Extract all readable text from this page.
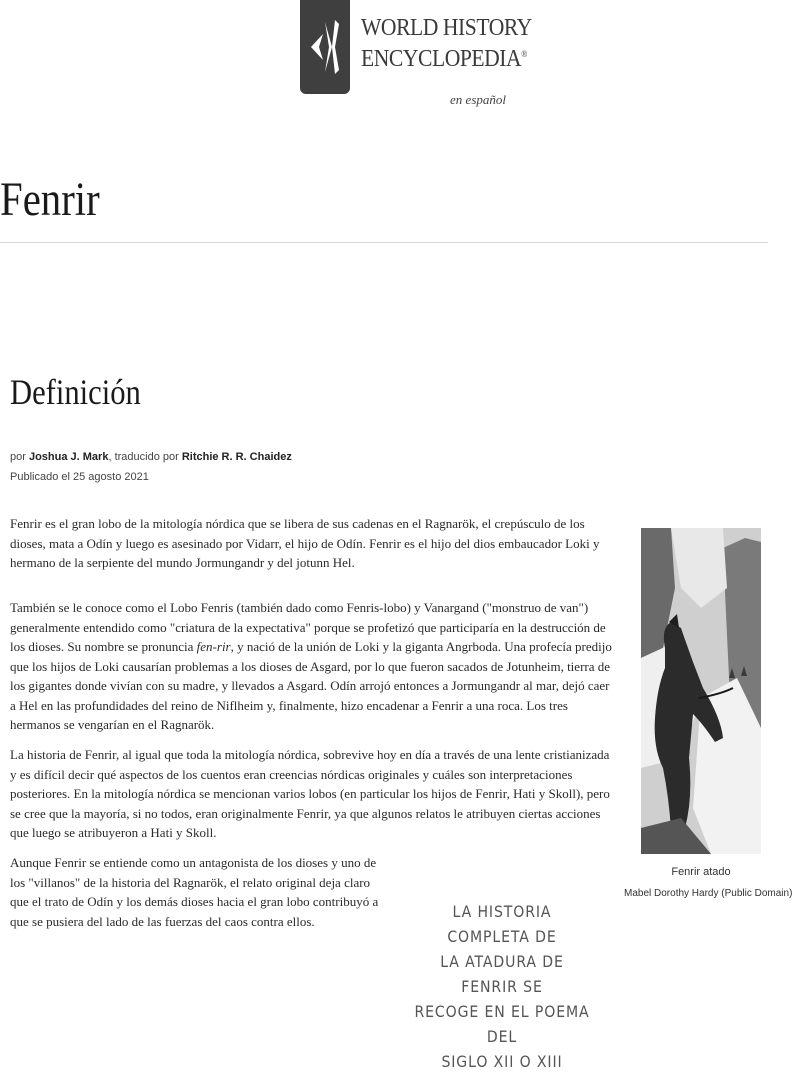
WORLD HISTORY
ENCYCLOPEDIA®
en español
Fenrir
Definición
por Joshua J. Mark, traducido por Ritchie R. R. Chaidez
Publicado el 25 agosto 2021

Fenrir es el gran lobo de la mitología nórdica que se libera de sus cadenas en el Ragnarök, el crepúsculo de los dioses, mata a Odín y luego es asesinado por Vidarr, el hijo de Odín. Fenrir es el hijo del dios embaucador Loki y hermano de la serpiente del mundo Jormungandr y del jotunn Hel.

También se le conoce como el Lobo Fenris (también dado como Fenris-lobo) y Vanargand ("monstruo de van") generalmente entendido como "criatura de la expectativa" porque se profetizó que participaría en la destrucción de los dioses. Su nombre se pronuncia fen-rir, y nació de la unión de Loki y la giganta Angrboda. Una profecía predijo que los hijos de Loki causarían problemas a los dioses de Asgard, por lo que fueron sacados de Jotunheim, tierra de los gigantes donde vivían con su madre, y llevados a Asgard. Odín arrojó entonces a Jormungandr al mar, dejó caer a Hel en las profundidades del reino de Niflheim y, finalmente, hizo encadenar a Fenrir a una roca. Los tres hermanos se vengarían en el Ragnarök.

La historia de Fenrir, al igual que toda la mitología nórdica, sobrevive hoy en día a través de una lente cristianizada y es difícil decir qué aspectos de los cuentos eran creencias nórdicas originales y cuáles son interpretaciones posteriores. En la mitología nórdica se mencionan varios lobos (en particular los hijos de Fenrir, Hati y Skoll), pero se cree que la mayoría, si no todos, eran originalmente Fenrir, ya que algunos relatos le atribuyen ciertas acciones que luego se atribuyeron a Hati y Skoll.

Aunque Fenrir se entiende como un antagonista de los dioses y uno de los "villanos" de la historia del Ragnarök, el relato original deja claro que el trato de Odín y los demás dioses hacia el gran lobo contribuyó a que se pusiera del lado de las fuerzas del caos contra ellos.

Fenrir atado
Mabel Dorothy Hardy (Public Domain)
LA HISTORIA COMPLETA DE
LA ATADURA DE FENRIR SE
RECOGE EN EL POEMA DEL
SIGLO XII O XIII
